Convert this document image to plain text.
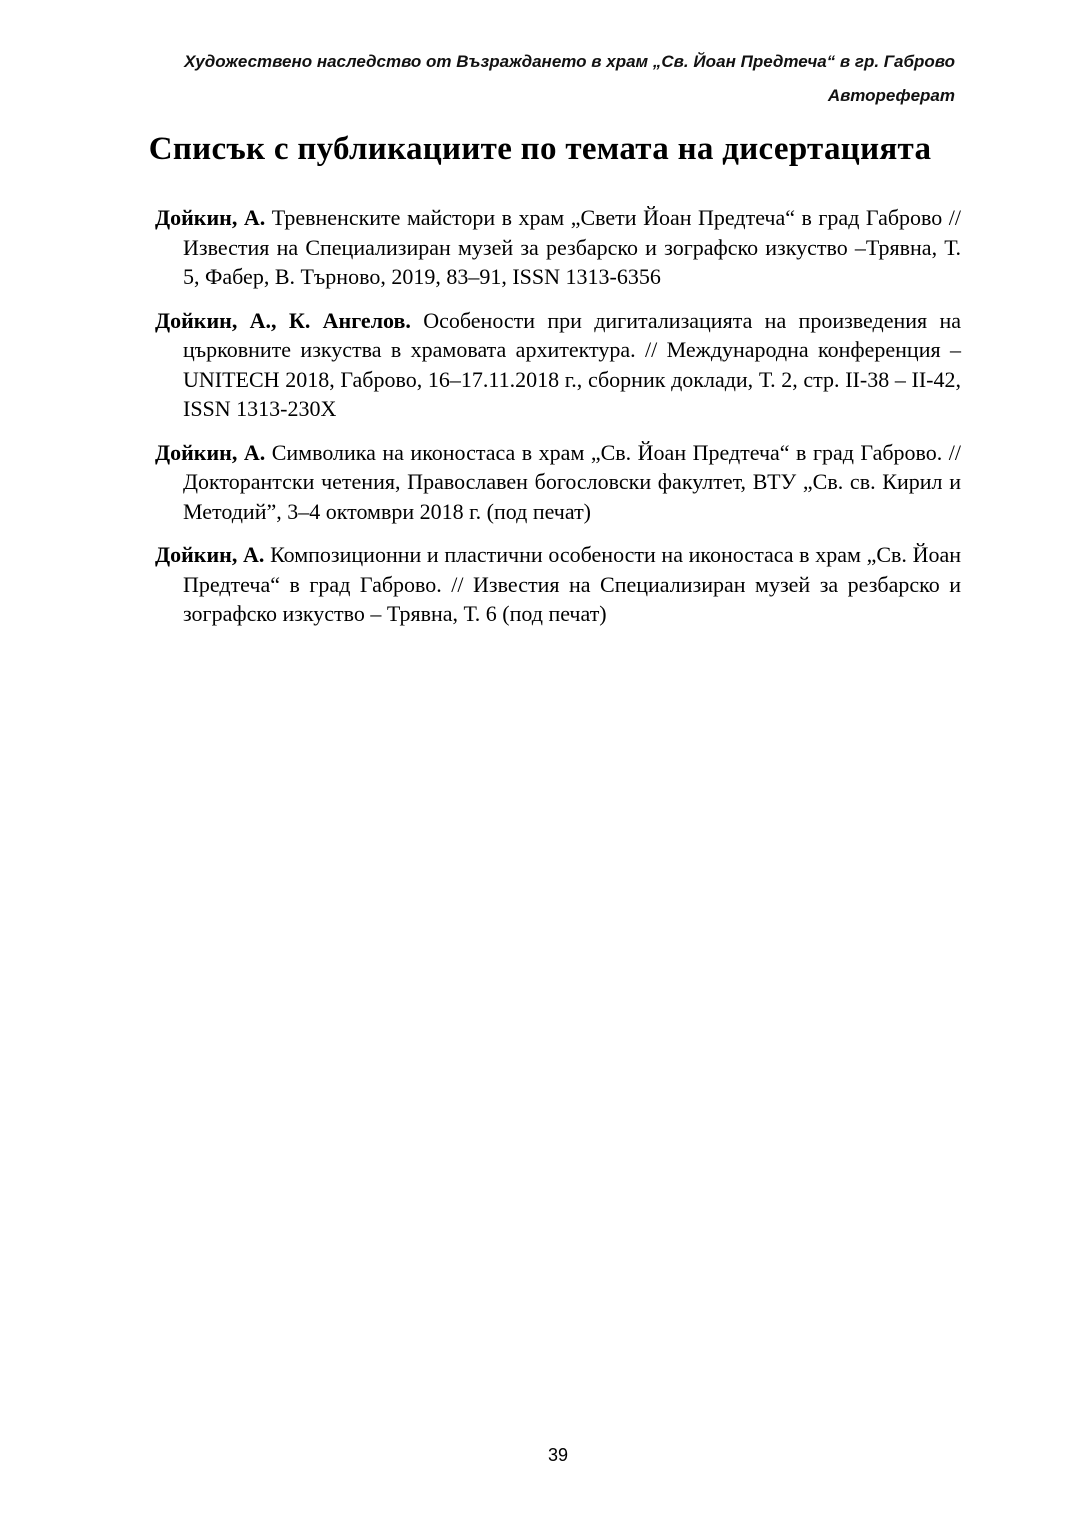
Художествено наследство от Възраждането в храм „Св. Йоан Предтеча“ в гр. Габрово
Автореферат
Списък с публикациите по темата на дисертацията

Дойкин, А. Тревненските майстори в храм „Свети Йоан Предтеча“ в град Габрово // Известия на Специализиран музей за резбарско и зографско изкуство –Трявна, Т. 5, Фабер, В. Търново, 2019, 83–91, ISSN 1313-6356

Дойкин, А., К. Ангелов. Особености при дигитализацията на произведения на църковните изкуства в храмовата архитектура. // Международна конференция – UNITECH 2018, Габрово, 16–17.11.2018 г., сборник доклади, Т. 2, стр. II-38 – II-42, ISSN 1313-230X

Дойкин, А. Символика на иконостаса в храм „Св. Йоан Предтеча“ в град Габрово. // Докторантски четения, Православен богословски факултет, ВТУ „Св. св. Кирил и Методий”, 3–4 октомври 2018 г. (под печат)

Дойкин, А. Композиционни и пластични особености на иконостаса в храм „Св. Йоан Предтеча“ в град Габрово. // Известия на Специализиран музей за резбарско и зографско изкуство – Трявна, Т. 6 (под печат)

39
